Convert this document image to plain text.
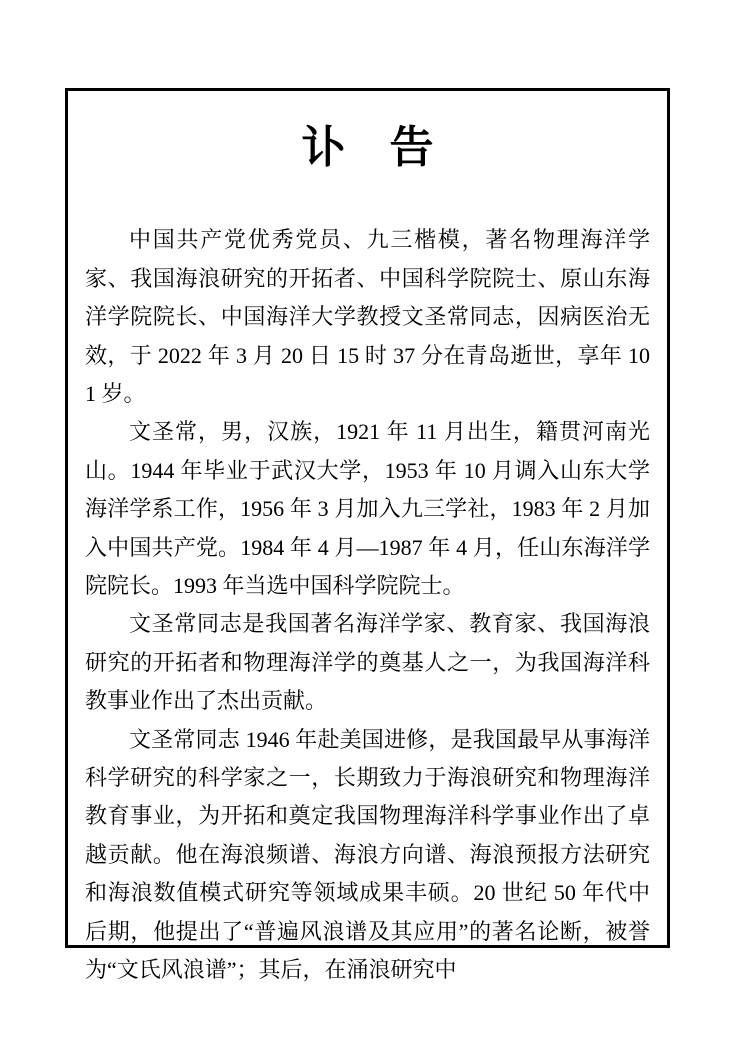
讣　告

中国共产党优秀党员、九三楷模，著名物理海洋学家、我国海浪研究的开拓者、中国科学院院士、原山东海洋学院院长、中国海洋大学教授文圣常同志，因病医治无效，于 2022 年 3 月 20 日 15 时 37 分在青岛逝世，享年 101 岁。

文圣常，男，汉族，1921 年 11 月出生，籍贯河南光山。1944 年毕业于武汉大学，1953 年 10 月调入山东大学海洋学系工作，1956 年 3 月加入九三学社，1983 年 2 月加入中国共产党。1984 年 4 月—1987 年 4 月，任山东海洋学院院长。1993 年当选中国科学院院士。

文圣常同志是我国著名海洋学家、教育家、我国海浪研究的开拓者和物理海洋学的奠基人之一，为我国海洋科教事业作出了杰出贡献。

文圣常同志 1946 年赴美国进修，是我国最早从事海洋科学研究的科学家之一，长期致力于海浪研究和物理海洋教育事业，为开拓和奠定我国物理海洋科学事业作出了卓越贡献。他在海浪频谱、海浪方向谱、海浪预报方法研究和海浪数值模式研究等领域成果丰硕。20 世纪 50 年代中后期，他提出了“普遍风浪谱及其应用”的著名论断，被誉为“文氏风浪谱”；其后，在涌浪研究中
